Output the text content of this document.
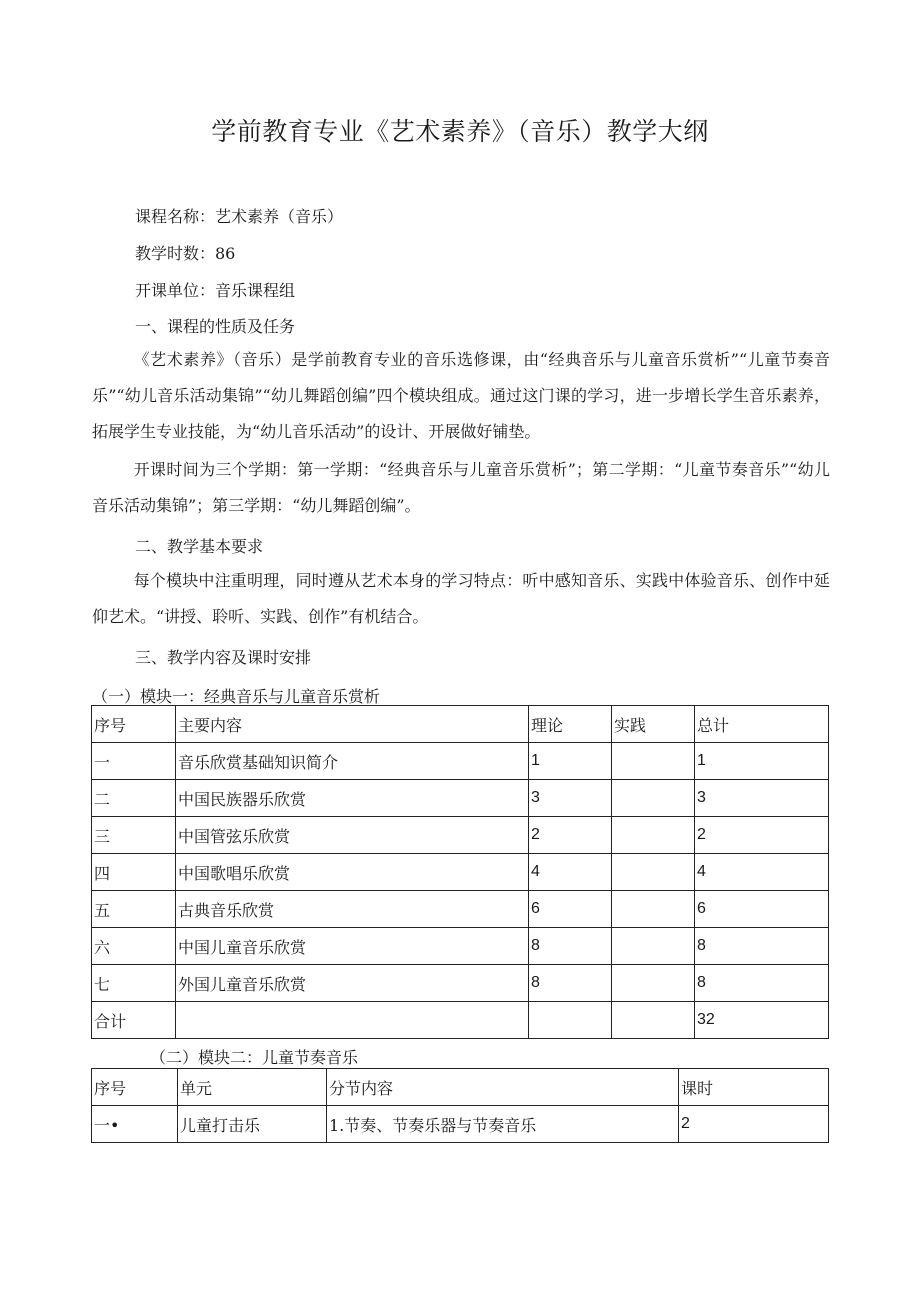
学前教育专业《艺术素养》（音乐）教学大纲
课程名称：艺术素养（音乐）
教学时数：86
开课单位：音乐课程组
一、课程的性质及任务
《艺术素养》（音乐）是学前教育专业的音乐选修课，由“经典音乐与儿童音乐赏析”“儿童节奏音乐”“幼儿音乐活动集锦”“幼儿舞蹈创编”四个模块组成。通过这门课的学习，进一步增长学生音乐素养，拓展学生专业技能，为“幼儿音乐活动”的设计、开展做好铺垫。
开课时间为三个学期：第一学期：“经典音乐与儿童音乐赏析”；第二学期：“儿童节奏音乐”“幼儿音乐活动集锦”；第三学期：“幼儿舞蹈创编”。
二、教学基本要求
每个模块中注重明理，同时遵从艺术本身的学习特点：听中感知音乐、实践中体验音乐、创作中延仰艺术。“讲授、聆听、实践、创作”有机结合。
三、教学内容及课时安排
（一）模块一：经典音乐与儿童音乐赏析
序号	主要内容	理论	实践	总计
一	音乐欣赏基础知识简介	1		1
二	中国民族器乐欣赏	3		3
三	中国管弦乐欣赏	2		2
四	中国歌唱乐欣赏	4		4
五	古典音乐欣赏	6		6
六	中国儿童音乐欣赏	8		8
七	外国儿童音乐欣赏	8		8
合计				32
（二）模块二：儿童节奏音乐
序号	单元	分节内容	课时
一•	儿童打击乐	1.节奏、节奏乐器与节奏音乐	2
